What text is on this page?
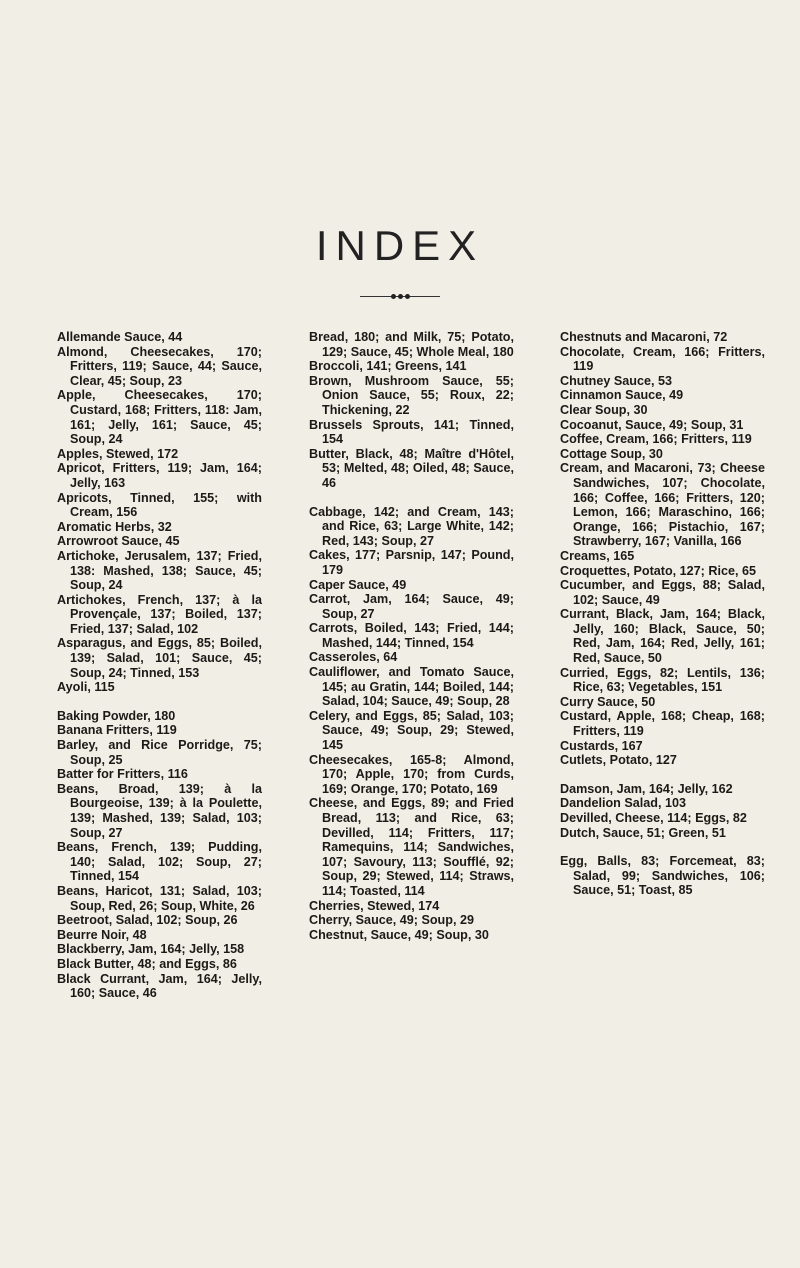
INDEX
Allemande Sauce, 44
Almond, Cheesecakes, 170; Fritters, 119; Sauce, 44; Sauce, Clear, 45; Soup, 23
Apple, Cheesecakes, 170; Custard, 168; Fritters, 118: Jam, 161; Jelly, 161; Sauce, 45; Soup, 24
Apples, Stewed, 172
Apricot, Fritters, 119; Jam, 164; Jelly, 163
Apricots, Tinned, 155; with Cream, 156
Aromatic Herbs, 32
Arrowroot Sauce, 45
Artichoke, Jerusalem, 137; Fried, 138: Mashed, 138; Sauce, 45; Soup, 24
Artichokes, French, 137; à la Provençale, 137; Boiled, 137; Fried, 137; Salad, 102
Asparagus, and Eggs, 85; Boiled, 139; Salad, 101; Sauce, 45; Soup, 24; Tinned, 153
Ayoli, 115
Baking Powder, 180
Banana Fritters, 119
Barley, and Rice Porridge, 75; Soup, 25
Batter for Fritters, 116
Beans, Broad, 139; à la Bourgeoise, 139; à la Poulette, 139; Mashed, 139; Salad, 103; Soup, 27
Beans, French, 139; Pudding, 140; Salad, 102; Soup, 27; Tinned, 154
Beans, Haricot, 131; Salad, 103; Soup, Red, 26; Soup, White, 26
Beetroot, Salad, 102; Soup, 26
Beurre Noir, 48
Blackberry, Jam, 164; Jelly, 158
Black Butter, 48; and Eggs, 86
Black Currant, Jam, 164; Jelly, 160; Sauce, 46
Bread, 180; and Milk, 75; Potato, 129; Sauce, 45; Whole Meal, 180
Broccoli, 141; Greens, 141
Brown, Mushroom Sauce, 55; Onion Sauce, 55; Roux, 22; Thickening, 22
Brussels Sprouts, 141; Tinned, 154
Butter, Black, 48; Maître d'Hôtel, 53; Melted, 48; Oiled, 48; Sauce, 46
Cabbage, 142; and Cream, 143; and Rice, 63; Large White, 142; Red, 143; Soup, 27
Cakes, 177; Parsnip, 147; Pound, 179
Caper Sauce, 49
Carrot, Jam, 164; Sauce, 49; Soup, 27
Carrots, Boiled, 143; Fried, 144; Mashed, 144; Tinned, 154
Casseroles, 64
Cauliflower, and Tomato Sauce, 145; au Gratin, 144; Boiled, 144; Salad, 104; Sauce, 49; Soup, 28
Celery, and Eggs, 85; Salad, 103; Sauce, 49; Soup, 29; Stewed, 145
Cheesecakes, 165-8; Almond, 170; Apple, 170; from Curds, 169; Orange, 170; Potato, 169
Cheese, and Eggs, 89; and Fried Bread, 113; and Rice, 63; Devilled, 114; Fritters, 117; Ramequins, 114; Sandwiches, 107; Savoury, 113; Soufflé, 92; Soup, 29; Stewed, 114; Straws, 114; Toasted, 114
Cherries, Stewed, 174
Cherry, Sauce, 49; Soup, 29
Chestnut, Sauce, 49; Soup, 30
Chestnuts and Macaroni, 72
Chocolate, Cream, 166; Fritters, 119
Chutney Sauce, 53
Cinnamon Sauce, 49
Clear Soup, 30
Cocoanut, Sauce, 49; Soup, 31
Coffee, Cream, 166; Fritters, 119
Cottage Soup, 30
Cream, and Macaroni, 73; Cheese Sandwiches, 107; Chocolate, 166; Coffee, 166; Fritters, 120; Lemon, 166; Maraschino, 166; Orange, 166; Pistachio, 167; Strawberry, 167; Vanilla, 166
Creams, 165
Croquettes, Potato, 127; Rice, 65
Cucumber, and Eggs, 88; Salad, 102; Sauce, 49
Currant, Black, Jam, 164; Black, Jelly, 160; Black, Sauce, 50; Red, Jam, 164; Red, Jelly, 161; Red, Sauce, 50
Curried, Eggs, 82; Lentils, 136; Rice, 63; Vegetables, 151
Curry Sauce, 50
Custard, Apple, 168; Cheap, 168; Fritters, 119
Custards, 167
Cutlets, Potato, 127
Damson, Jam, 164; Jelly, 162
Dandelion Salad, 103
Devilled, Cheese, 114; Eggs, 82
Dutch, Sauce, 51; Green, 51
Egg, Balls, 83; Forcemeat, 83; Salad, 99; Sandwiches, 106; Sauce, 51; Toast, 85
